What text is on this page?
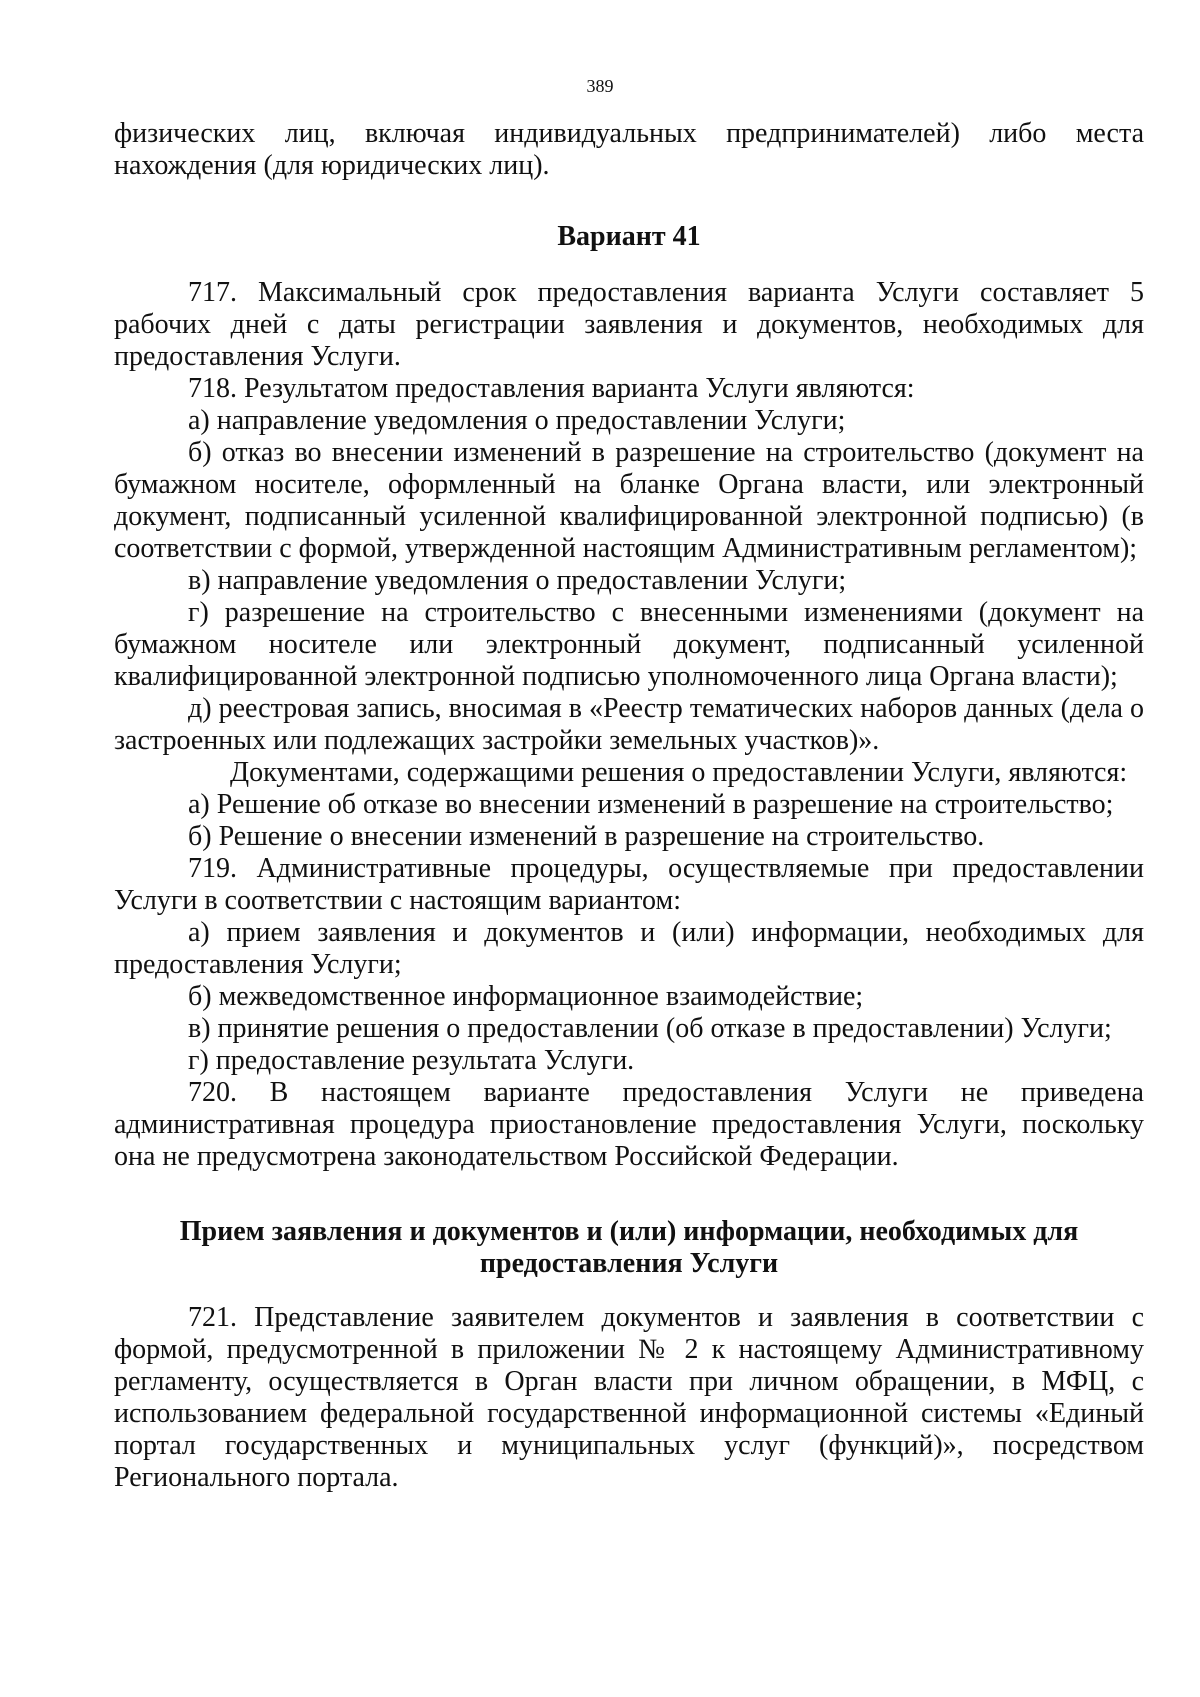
389

физических лиц, включая индивидуальных предпринимателей) либо места нахождения (для юридических лиц).

Вариант 41

717. Максимальный срок предоставления варианта Услуги составляет 5 рабочих дней с даты регистрации заявления и документов, необходимых для предоставления Услуги.

718. Результатом предоставления варианта Услуги являются:

а) направление уведомления о предоставлении Услуги;

б) отказ во внесении изменений в разрешение на строительство (документ на бумажном носителе, оформленный на бланке Органа власти, или электронный документ, подписанный усиленной квалифицированной электронной подписью) (в соответствии с формой, утвержденной настоящим Административным регламентом);

в) направление уведомления о предоставлении Услуги;

г) разрешение на строительство с внесенными изменениями (документ на бумажном носителе или электронный документ, подписанный усиленной квалифицированной электронной подписью уполномоченного лица Органа власти);

д) реестровая запись, вносимая в «Реестр тематических наборов данных (дела о застроенных или подлежащих застройки земельных участков)».

Документами, содержащими решения о предоставлении Услуги, являются:

а) Решение об отказе во внесении изменений в разрешение на строительство;

б) Решение о внесении изменений в разрешение на строительство.

719. Административные процедуры, осуществляемые при предоставлении Услуги в соответствии с настоящим вариантом:

а) прием заявления и документов и (или) информации, необходимых для предоставления Услуги;

б) межведомственное информационное взаимодействие;

в) принятие решения о предоставлении (об отказе в предоставлении) Услуги;

г) предоставление результата Услуги.

720. В настоящем варианте предоставления Услуги не приведена административная процедура приостановление предоставления Услуги, поскольку она не предусмотрена законодательством Российской Федерации.

Прием заявления и документов и (или) информации, необходимых для предоставления Услуги

721. Представление заявителем документов и заявления в соответствии с формой, предусмотренной в приложении № 2 к настоящему Административному регламенту, осуществляется в Орган власти при личном обращении, в МФЦ, с использованием федеральной государственной информационной системы «Единый портал государственных и муниципальных услуг (функций)», посредством Регионального портала.
